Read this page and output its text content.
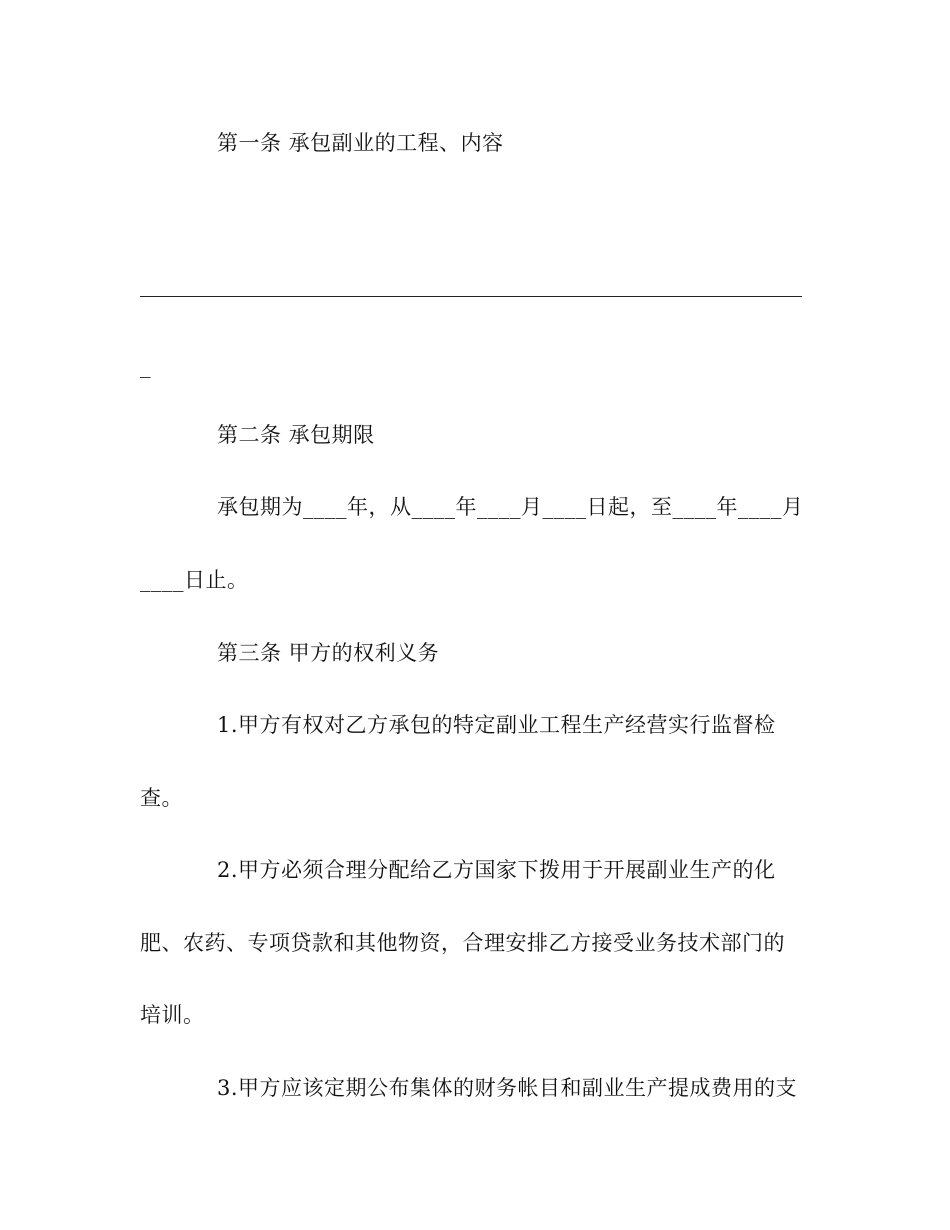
第一条 承包副业的工程、内容
_
第二条 承包期限
承包期为____年，从____年____月____日起，至____年____月
____日止。
第三条 甲方的权利义务
1.甲方有权对乙方承包的特定副业工程生产经营实行监督检
查。
2.甲方必须合理分配给乙方国家下拨用于开展副业生产的化
肥、农药、专项贷款和其他物资，合理安排乙方接受业务技术部门的
培训。
3.甲方应该定期公布集体的财务帐目和副业生产提成费用的支
